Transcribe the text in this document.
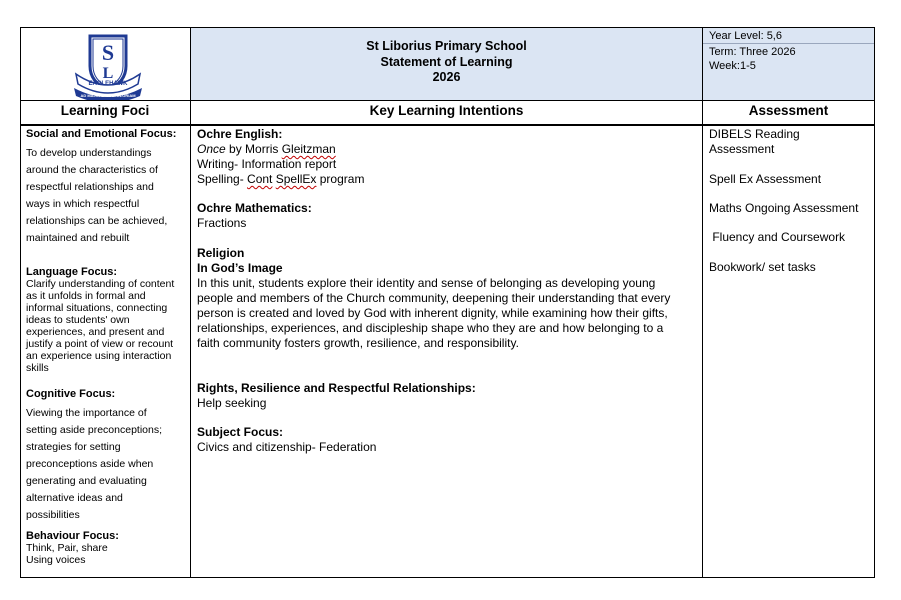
S
L
EAGLEHAWK
AD MAJOREM DEI GLORIAM
St Liborius Primary School
Statement of Learning
2026
Year Level: 5,6
Term: Three 2026
Week:1-5
Learning Foci	Key Learning Intentions	Assessment
Social and Emotional Focus:
To develop understandings
around the characteristics of
respectful relationships and
ways in which respectful
relationships can be achieved,
maintained and rebuilt
Language Focus:
Clarify understanding of content
as it unfolds in formal and
informal situations, connecting
ideas to students' own
experiences, and present and
justify a point of view or recount
an experience using interaction
skills
Cognitive Focus:
Viewing the importance of
setting aside preconceptions;
strategies for setting
preconceptions aside when
generating and evaluating
alternative ideas and
possibilities
Behaviour Focus:
Think, Pair, share
Using voices
Ochre English:
Once by Morris Gleitzman
Writing- Information report
Spelling- Cont SpellEx program
Ochre Mathematics:
Fractions
Religion
In God’s Image
In this unit, students explore their identity and sense of belonging as developing young
people and members of the Church community, deepening their understanding that every
person is created and loved by God with inherent dignity, while examining how their gifts,
relationships, experiences, and discipleship shape who they are and how belonging to a
faith community fosters growth, resilience, and responsibility.
Rights, Resilience and Respectful Relationships:
Help seeking
Subject Focus:
Civics and citizenship- Federation
DIBELS Reading
Assessment
Spell Ex Assessment
Maths Ongoing Assessment
Fluency and Coursework
Bookwork/ set tasks
